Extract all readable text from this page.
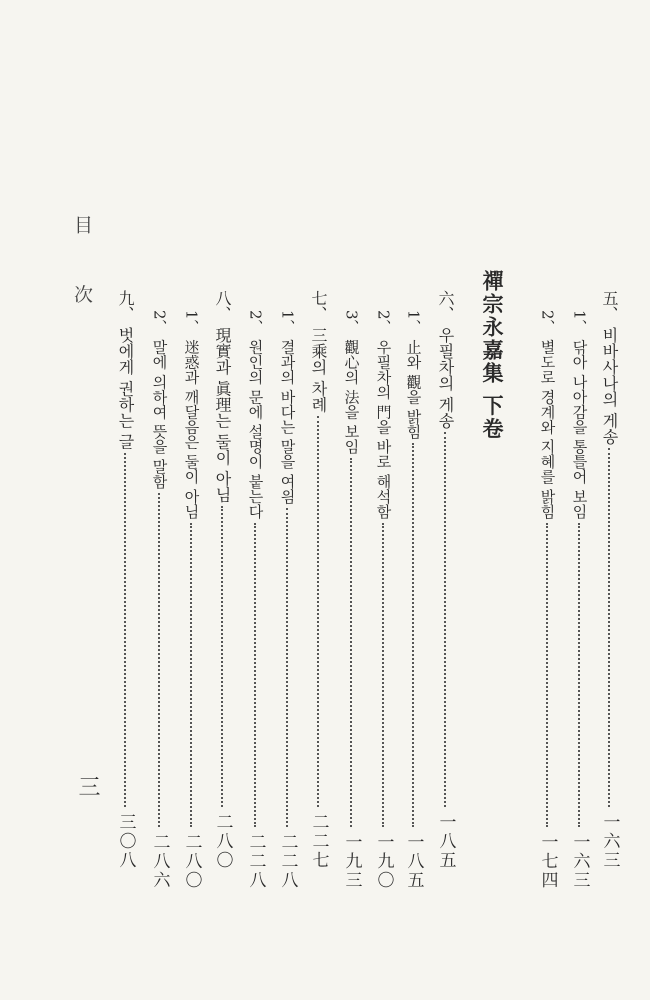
目 次
三
禪宗永嘉集 下卷	五、 비바사나의 게송
一六三
1、 닦아 나아감을 통틀어 보임
一六三
2、 별도로 경계와 지혜를 밝힘
一七四
六、 우필차의 게송
一八五
1、 止와 觀을 밝힘
一八五
2、 우필차의 門을 바로 해석함
一九〇
3、 觀心의 法을 보임
一九三
七、 三乘의 차례
二二七
1、 결과의 바다는 말을 여읨
二二八
2、 원인의 문에 설명이 붙는다
二二八
八、 現實과 眞理는 둘이 아님
二八〇
1、 迷惑과 깨달음은 둘이 아님
二八〇
2、 말에 의하여 뜻을 말함
二八六
九、 벗에게 권하는 글
三〇八
